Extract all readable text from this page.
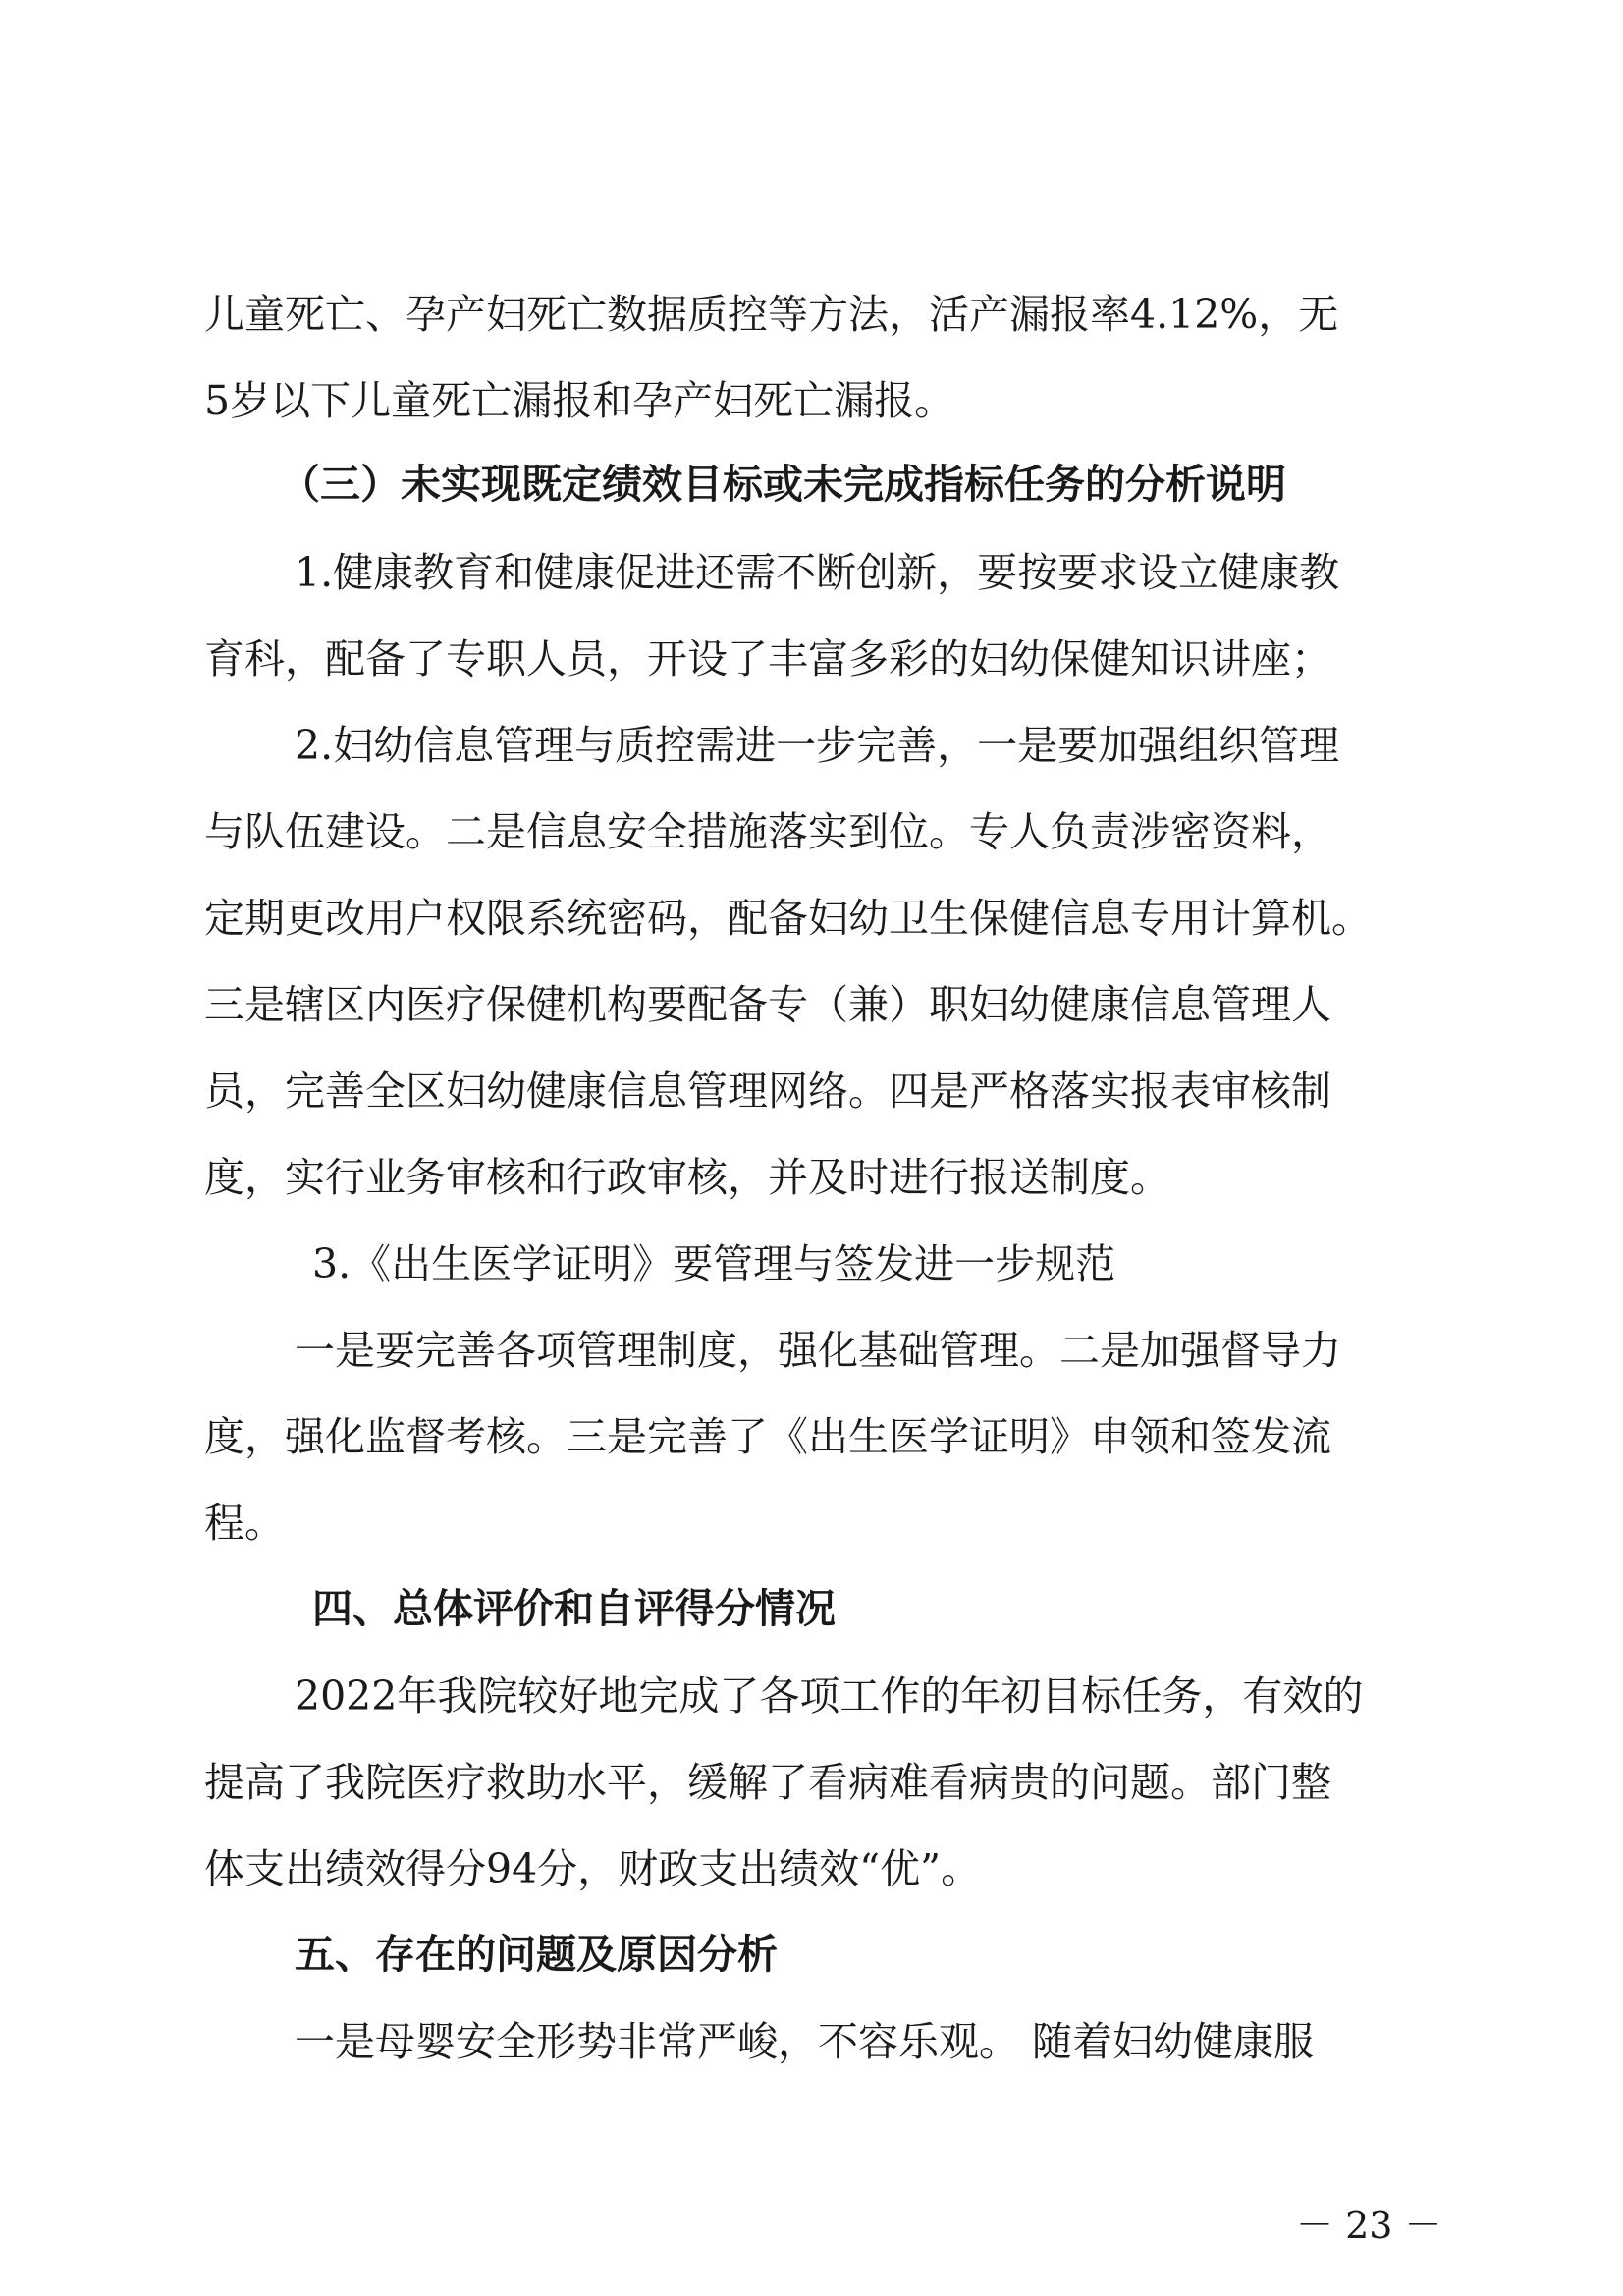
儿童死亡、孕产妇死亡数据质控等方法，活产漏报率4.12%，无

5岁以下儿童死亡漏报和孕产妇死亡漏报。

（三）未实现既定绩效目标或未完成指标任务的分析说明

1.健康教育和健康促进还需不断创新，要按要求设立健康教

育科，配备了专职人员，开设了丰富多彩的妇幼保健知识讲座；

2.妇幼信息管理与质控需进一步完善，一是要加强组织管理

与队伍建设。二是信息安全措施落实到位。专人负责涉密资料，

定期更改用户权限系统密码，配备妇幼卫生保健信息专用计算机。

三是辖区内医疗保健机构要配备专（兼）职妇幼健康信息管理人

员，完善全区妇幼健康信息管理网络。四是严格落实报表审核制

度，实行业务审核和行政审核，并及时进行报送制度。

3.《出生医学证明》要管理与签发进一步规范

一是要完善各项管理制度，强化基础管理。二是加强督导力

度，强化监督考核。三是完善了《出生医学证明》申领和签发流

程。

四、总体评价和自评得分情况

2022年我院较好地完成了各项工作的年初目标任务，有效的

提高了我院医疗救助水平，缓解了看病难看病贵的问题。部门整

体支出绩效得分94分，财政支出绩效“优”。

五、存在的问题及原因分析

一是母婴安全形势非常严峻，不容乐观。 随着妇幼健康服

－ 23 －
